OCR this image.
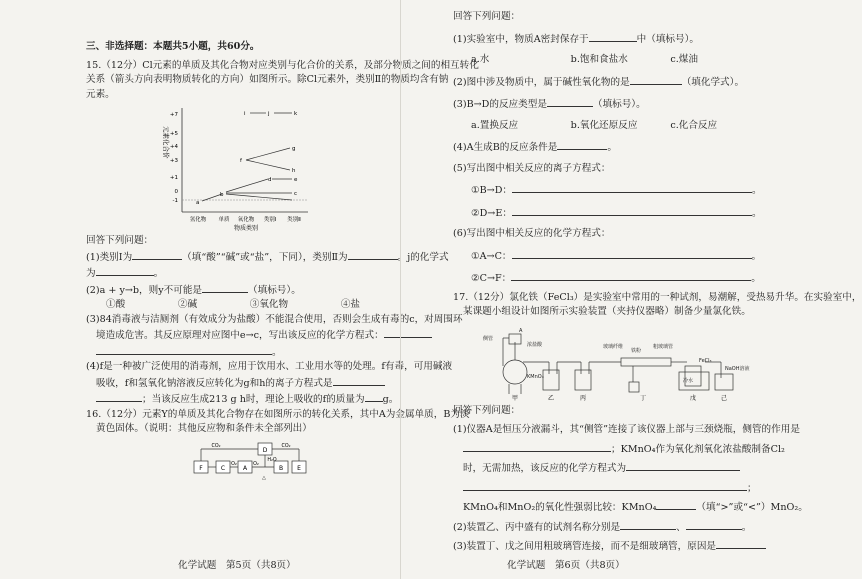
三、非选择题：本题共5小题，共60分。
15.（12分）Cl元素的单质及其化合物对应类别与化合价的关系，及部分物质之间的相互转化
关系（箭头方向表明物质转化的方向）如图所示。除Cl元素外，类别Ⅱ的物质均含有钠
元素。
元素化合价
+7
+5
+4
+3
+1
0
-1
氢化物 单质 氧化物 类别Ⅰ 类别Ⅱ
物质类别
i	j	k
f
g
h
a
b
d
c
e
回答下列问题：
(1)类别Ⅰ为	（填“酸”“碱”或“盐”，下同），类别Ⅱ为	。j的化学式
为	。
(2)a + y→b，则y不可能是	（填标号）。
①酸	②碱	③氧化物	④盐
(3)84消毒液与洁厕剂（有效成分为盐酸）不能混合使用，否则会生成有毒的c，对周围环
境造成危害。其反应原理对应图中e→c，写出该反应的化学方程式：
。
(4)f是一种被广泛使用的消毒剂，应用于饮用水、工业用水等的处理。f有毒，可用碱液
吸收，f和氢氧化钠溶液反应转化为g和h的离子方程式是
；当该反应生成213 g h时，理论上吸收的f的质量为 g。
16.（12分）元素Y的单质及其化合物存在如图所示的转化关系，其中A为金属单质，B为淡
黄色固体。（说明：其他反应物和条件未全部列出）
F	C	A	B E
D
CO₂
O₂
H₂O
CO₂
△
O₂
化学试题　第5页（共8页）
回答下列问题：
(1)实验室中，物质A密封保存于	中（填标号）。
a.水	b.饱和食盐水	c.煤油
(2)图中涉及物质中，属于碱性氧化物的是	（填化学式）。
(3)B→D的反应类型是	（填标号）。
a.置换反应	b.氧化还原反应	c.化合反应
(4)A生成B的反应条件是	。
(5)写出图中相关反应的离子方程式：
①B→D：	。
②D→E：	。
(6)写出图中相关反应的化学方程式：
①A→C：	。
②C→F：	。
17.（12分）氯化铁（FeCl₃）是实验室中常用的一种试剂，易潮解，受热易升华。在实验室中，
某课题小组设计如图所示实验装置（夹持仪器略）制备少量氯化铁。
侧管
A
浓盐酸
KMnO₄
玻璃纤维
铁粉
粗玻璃管
FeCl₃
冷水
NaOH溶液
甲	乙	丙	丁	戊	己
回答下列问题：
(1)仪器A是恒压分液漏斗，其“侧管”连接了该仪器上部与三颈烧瓶，侧管的作用是
；KMnO₄作为氧化剂氧化浓盐酸制备Cl₂
时，无需加热，该反应的化学方程式为
；
KMnO₄和MnO₂的氧化性强弱比较：KMnO₄	（填“>”或“<”）MnO₂。
(2)装置乙、丙中盛有的试剂名称分别是	、	。
(3)装置丁、戊之间用粗玻璃管连接，而不是细玻璃管，原因是
化学试题　第6页（共8页）
